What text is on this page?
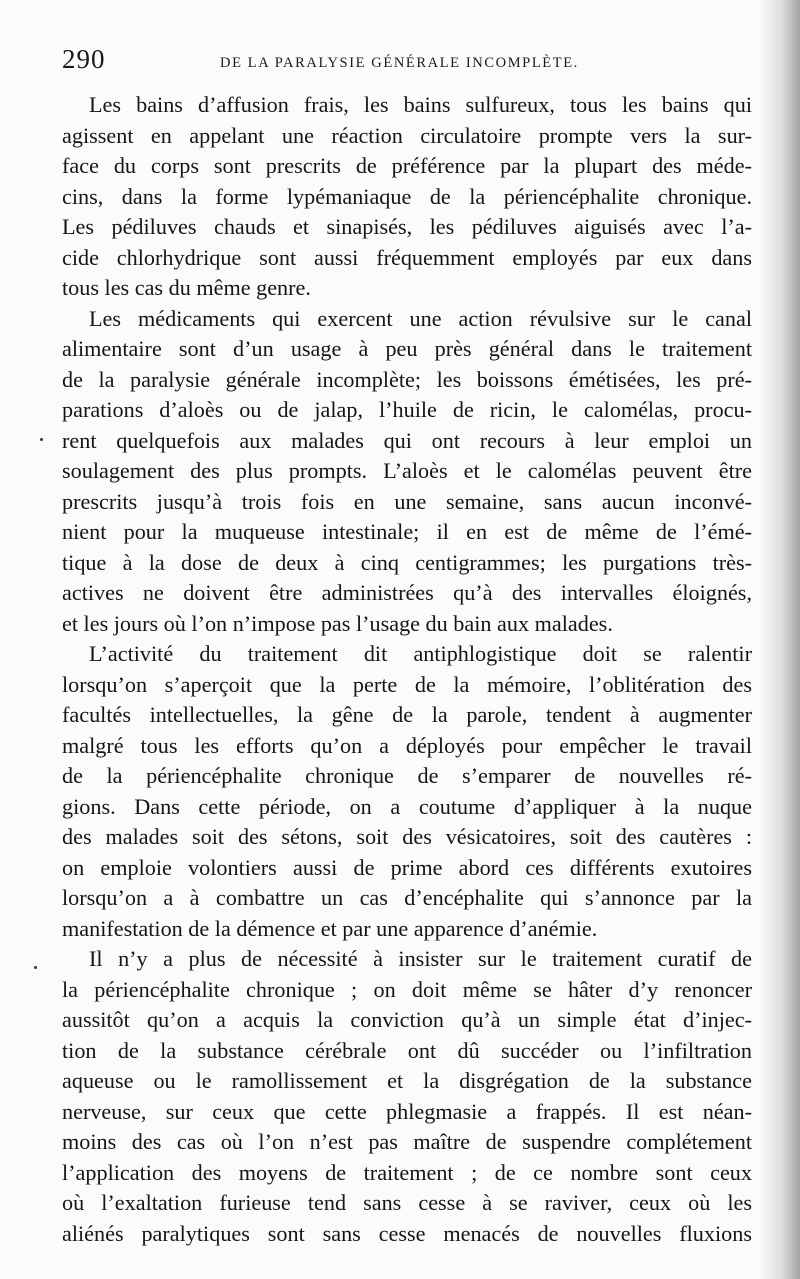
290	DE LA PARALYSIE GÉNÉRALE INCOMPLÈTE.
Les bains d’affusion frais, les bains sulfureux, tous les bains qui
agissent en appelant une réaction circulatoire prompte vers la sur-
face du corps sont prescrits de préférence par la plupart des méde-
cins, dans la forme lypémaniaque de la périencéphalite chronique.
Les pédiluves chauds et sinapisés, les pédiluves aiguisés avec l’a-
cide chlorhydrique sont aussi fréquemment employés par eux dans
tous les cas du même genre.
Les médicaments qui exercent une action révulsive sur le canal
alimentaire sont d’un usage à peu près général dans le traitement
de la paralysie générale incomplète; les boissons émétisées, les pré-
parations d’aloès ou de jalap, l’huile de ricin, le calomélas, procu-
rent quelquefois aux malades qui ont recours à leur emploi un
soulagement des plus prompts. L’aloès et le calomélas peuvent être
prescrits jusqu’à trois fois en une semaine, sans aucun inconvé-
nient pour la muqueuse intestinale; il en est de même de l’émé-
tique à la dose de deux à cinq centigrammes; les purgations très-
actives ne doivent être administrées qu’à des intervalles éloignés,
et les jours où l’on n’impose pas l’usage du bain aux malades.
L’activité du traitement dit antiphlogistique doit se ralentir
lorsqu’on s’aperçoit que la perte de la mémoire, l’oblitération des
facultés intellectuelles, la gêne de la parole, tendent à augmenter
malgré tous les efforts qu’on a déployés pour empêcher le travail
de la périencéphalite chronique de s’emparer de nouvelles ré-
gions. Dans cette période, on a coutume d’appliquer à la nuque
des malades soit des sétons, soit des vésicatoires, soit des cautères :
on emploie volontiers aussi de prime abord ces différents exutoires
lorsqu’on a à combattre un cas d’encéphalite qui s’annonce par la
manifestation de la démence et par une apparence d’anémie.
Il n’y a plus de nécessité à insister sur le traitement curatif de
la périencéphalite chronique ; on doit même se hâter d’y renoncer
aussitôt qu’on a acquis la conviction qu’à un simple état d’injec-
tion de la substance cérébrale ont dû succéder ou l’infiltration
aqueuse ou le ramollissement et la disgrégation de la substance
nerveuse, sur ceux que cette phlegmasie a frappés. Il est néan-
moins des cas où l’on n’est pas maître de suspendre complétement
l’application des moyens de traitement ; de ce nombre sont ceux
où l’exaltation furieuse tend sans cesse à se raviver, ceux où les
aliénés paralytiques sont sans cesse menacés de nouvelles fluxions
